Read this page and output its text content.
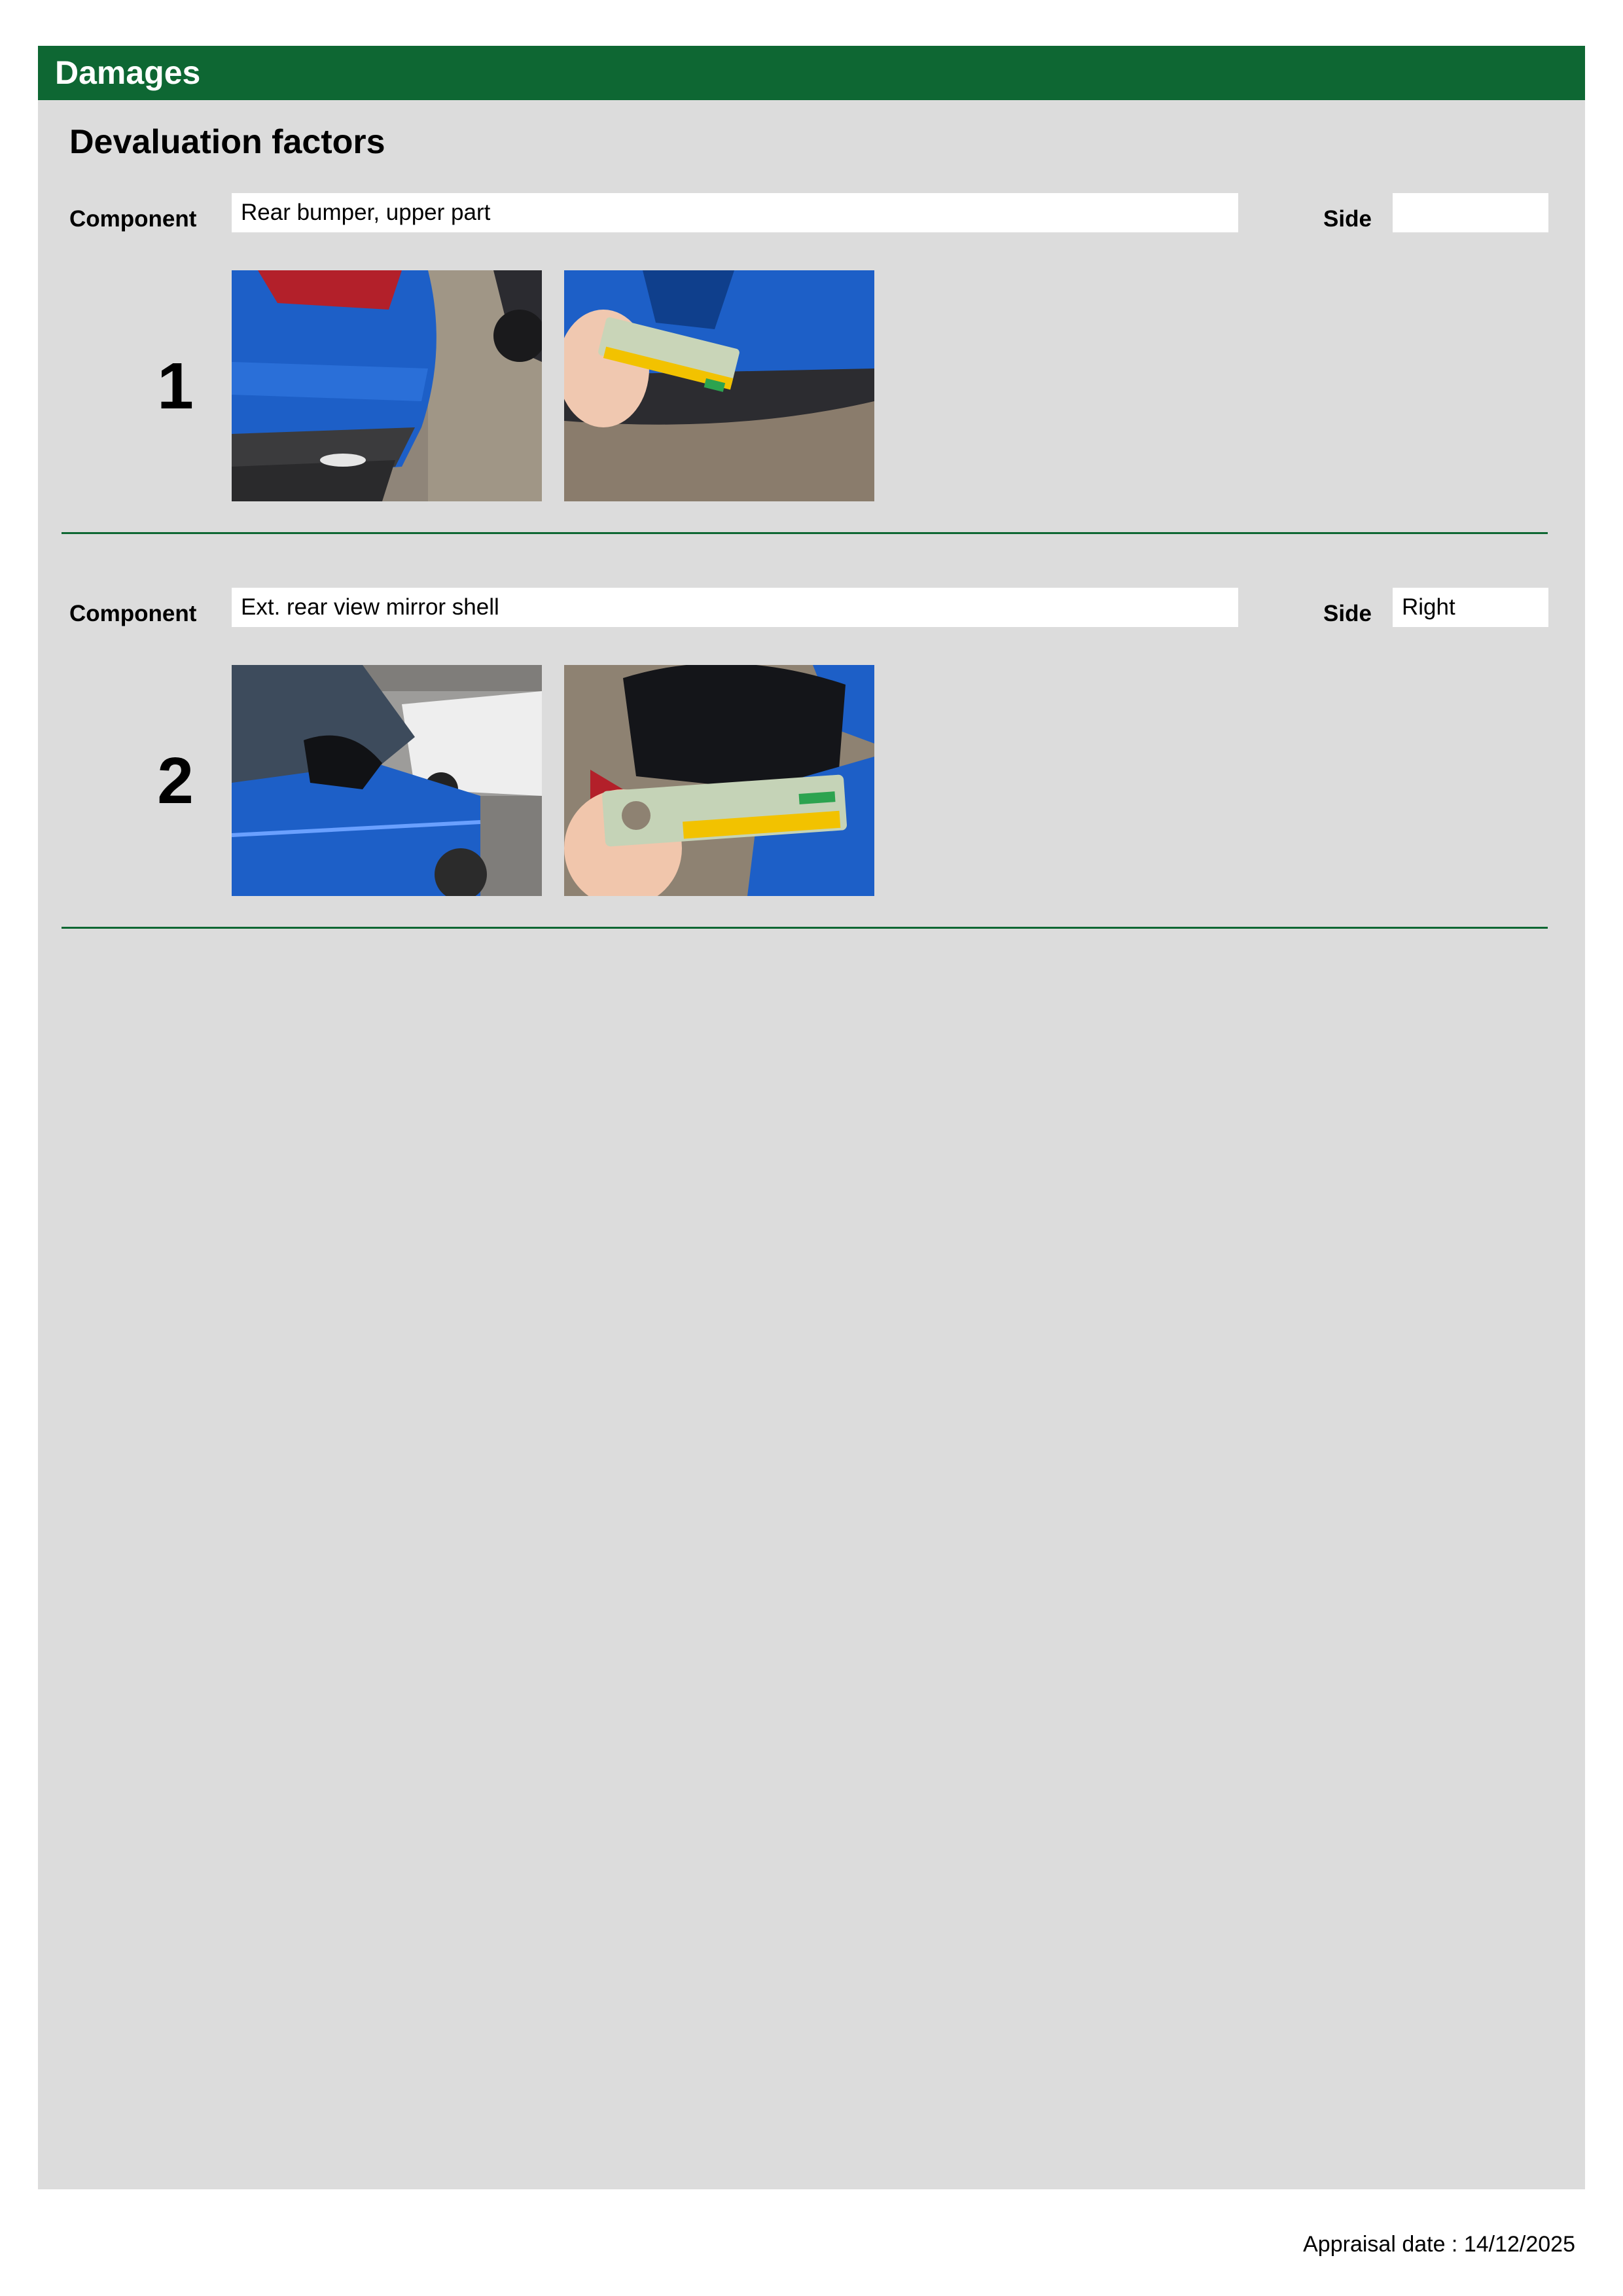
Damages
Devaluation factors
Component	Rear bumper, upper part	Side
1
Component	Ext. rear view mirror shell	Side	Right
2
Appraisal date : 14/12/2025
